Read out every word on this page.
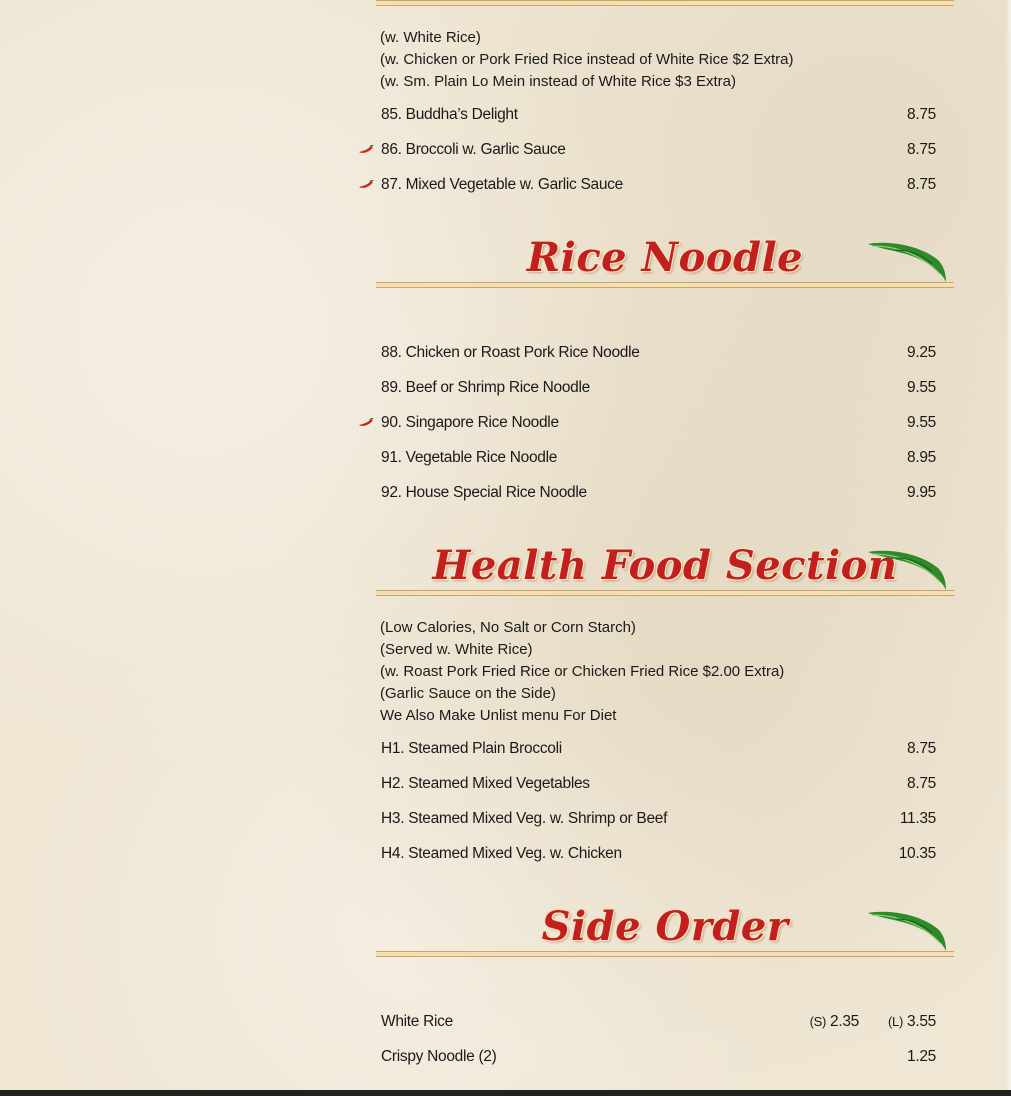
(w. White Rice)
(w. Chicken or Pork Fried Rice instead of White Rice $2 Extra)
(w. Sm. Plain Lo Mein instead of White Rice $3 Extra)
85. Buddha’s Delight	8.75
86. Broccoli w. Garlic Sauce	8.75
87. Mixed Vegetable w. Garlic Sauce	8.75
Rice Noodle
88. Chicken or Roast Pork Rice Noodle	9.25
89. Beef or Shrimp Rice Noodle	9.55
90. Singapore Rice Noodle	9.55
91. Vegetable Rice Noodle	8.95
92. House Special Rice Noodle	9.95
Health Food Section
(Low Calories, No Salt or Corn Starch)
(Served w. White Rice)
(w. Roast Pork Fried Rice or Chicken Fried Rice $2.00 Extra)
(Garlic Sauce on the Side)
We Also Make Unlist menu For Diet
H1. Steamed Plain Broccoli	8.75
H2. Steamed Mixed Vegetables	8.75
H3. Steamed Mixed Veg. w. Shrimp or Beef	11.35
H4. Steamed Mixed Veg. w. Chicken	10.35
Side Order
White Rice	(S) 2.35 (L) 3.55
Crispy Noodle (2)	1.25
